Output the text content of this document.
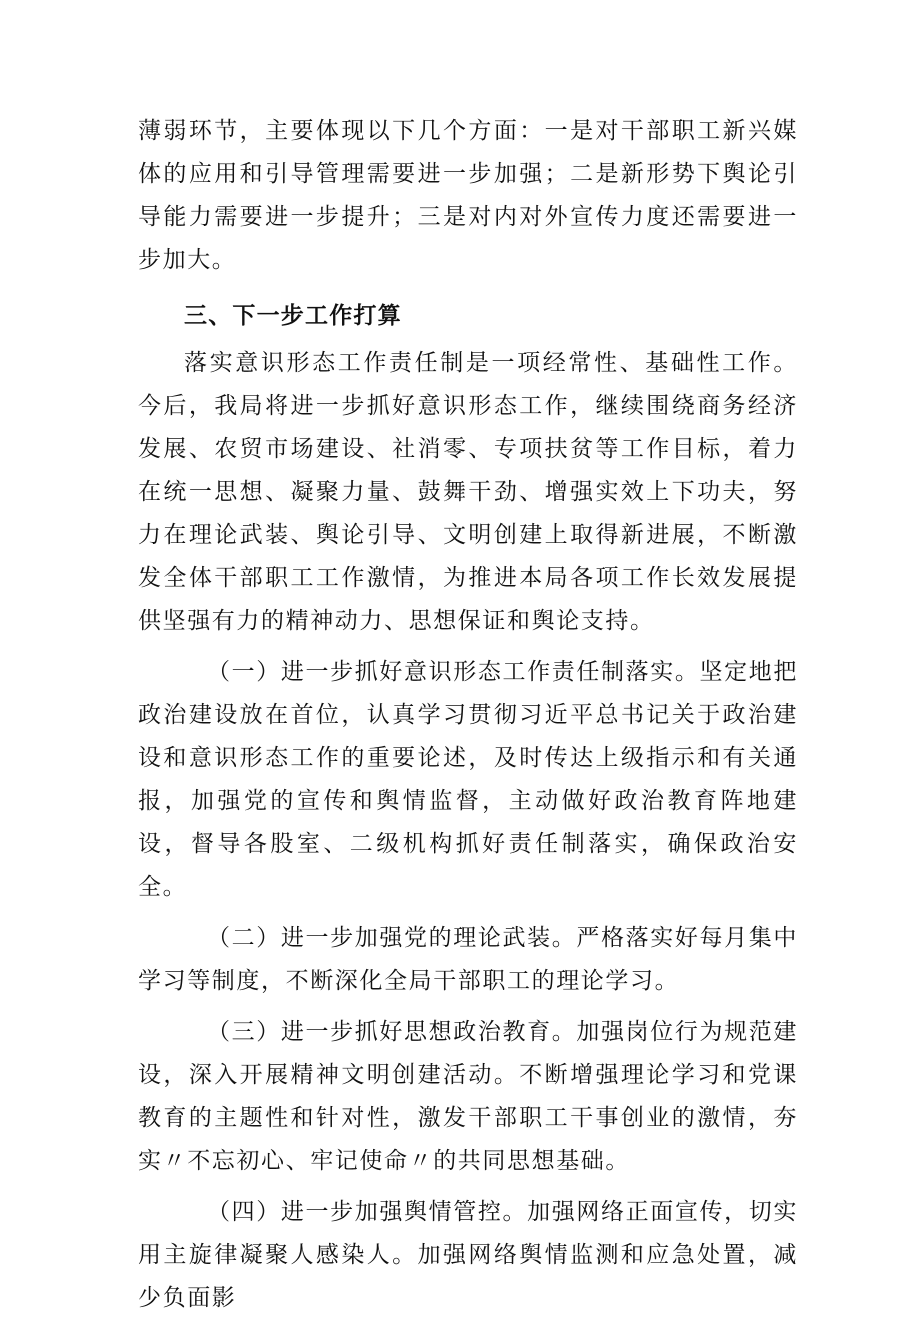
薄弱环节，主要体现以下几个方面：一是对干部职工新兴媒体的应用和引导管理需要进一步加强；二是新形势下舆论引导能力需要进一步提升；三是对内对外宣传力度还需要进一步加大。

三、下一步工作打算

落实意识形态工作责任制是一项经常性、基础性工作。今后，我局将进一步抓好意识形态工作，继续围绕商务经济发展、农贸市场建设、社消零、专项扶贫等工作目标，着力在统一思想、凝聚力量、鼓舞干劲、增强实效上下功夫，努力在理论武装、舆论引导、文明创建上取得新进展，不断激发全体干部职工工作激情，为推进本局各项工作长效发展提供坚强有力的精神动力、思想保证和舆论支持。

（一）进一步抓好意识形态工作责任制落实。坚定地把政治建设放在首位，认真学习贯彻习近平总书记关于政治建设和意识形态工作的重要论述，及时传达上级指示和有关通报，加强党的宣传和舆情监督，主动做好政治教育阵地建设，督导各股室、二级机构抓好责任制落实，确保政治安全。

（二）进一步加强党的理论武装。严格落实好每月集中学习等制度，不断深化全局干部职工的理论学习。

（三）进一步抓好思想政治教育。加强岗位行为规范建设，深入开展精神文明创建活动。不断增强理论学习和党课教育的主题性和针对性，激发干部职工干事创业的激情，夯实〃不忘初心、牢记使命〃的共同思想基础。

（四）进一步加强舆情管控。加强网络正面宣传，切实用主旋律凝聚人感染人。加强网络舆情监测和应急处置，减少负面影
